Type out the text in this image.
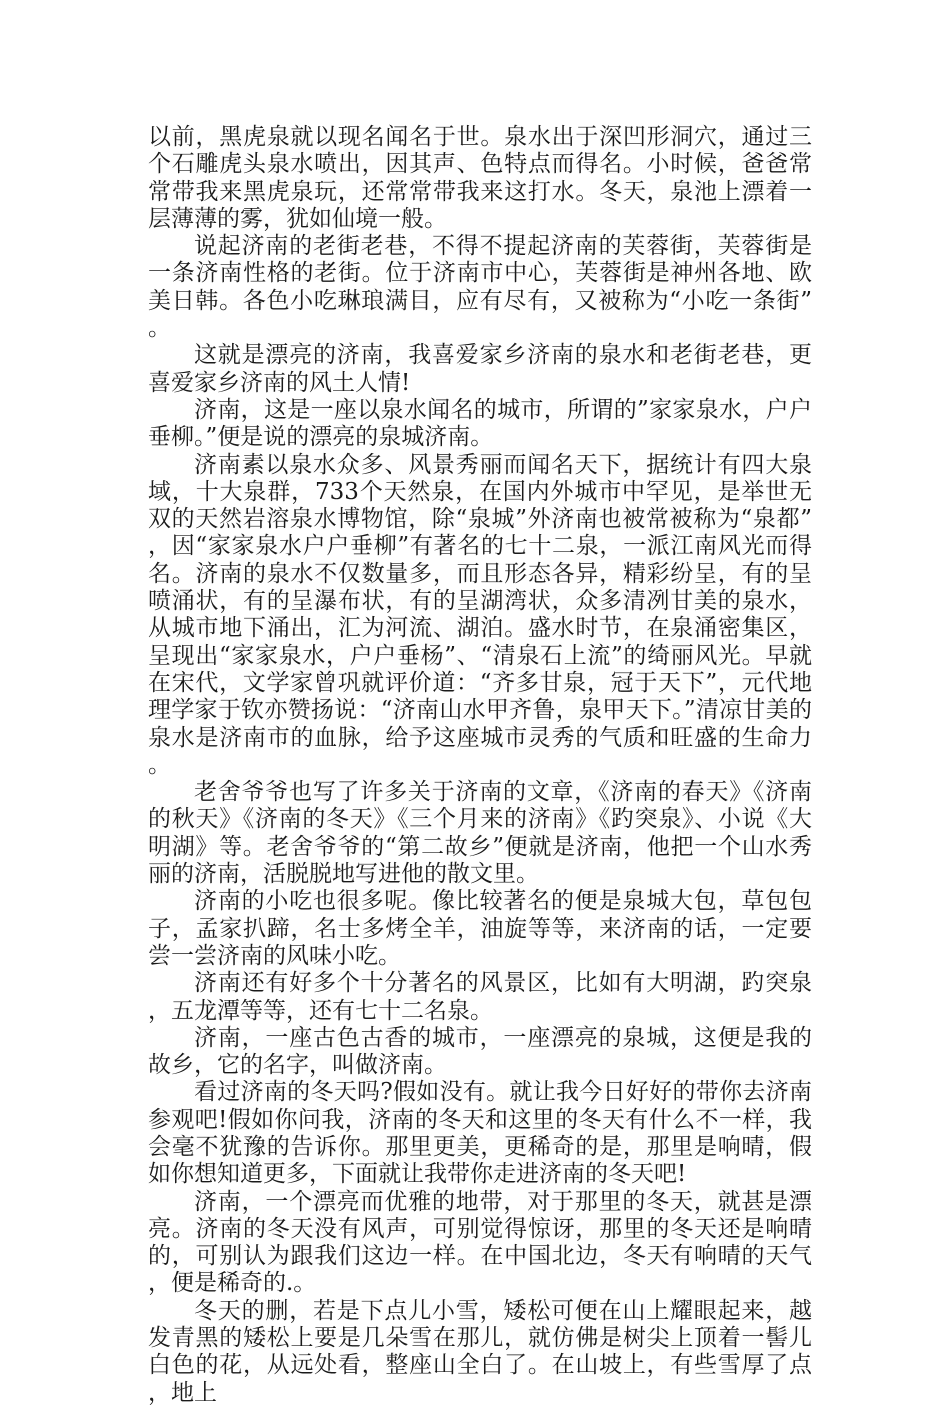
以前，黑虎泉就以现名闻名于世。泉水出于深凹形洞穴，通过三个石雕虎头泉水喷出，因其声、色特点而得名。小时候，爸爸常常带我来黑虎泉玩，还常常带我来这打水。冬天，泉池上漂着一层薄薄的雾，犹如仙境一般。

说起济南的老街老巷，不得不提起济南的芙蓉街，芙蓉街是一条济南性格的老街。位于济南市中心，芙蓉街是神州各地、欧美日韩。各色小吃琳琅满目，应有尽有，又被称为“小吃一条街”。

这就是漂亮的济南，我喜爱家乡济南的泉水和老街老巷，更喜爱家乡济南的风土人情!

济南，这是一座以泉水闻名的城市，所谓的”家家泉水，户户垂柳。”便是说的漂亮的泉城济南。

济南素以泉水众多、风景秀丽而闻名天下，据统计有四大泉域，十大泉群，733个天然泉，在国内外城市中罕见，是举世无双的天然岩溶泉水博物馆，除“泉城”外济南也被常被称为“泉都”，因“家家泉水户户垂柳”有著名的七十二泉，一派江南风光而得名。济南的泉水不仅数量多，而且形态各异，精彩纷呈，有的呈喷涌状，有的呈瀑布状，有的呈湖湾状，众多清冽甘美的泉水，从城市地下涌出，汇为河流、湖泊。盛水时节，在泉涌密集区，呈现出“家家泉水，户户垂杨”、“清泉石上流”的绮丽风光。早就在宋代，文学家曾巩就评价道：“齐多甘泉，冠于天下”，元代地理学家于钦亦赞扬说：“济南山水甲齐鲁，泉甲天下。”清凉甘美的泉水是济南市的血脉，给予这座城市灵秀的气质和旺盛的生命力。

老舍爷爷也写了许多关于济南的文章，《济南的春天》《济南的秋天》《济南的冬天》《三个月来的济南》《趵突泉》、小说《大明湖》等。老舍爷爷的“第二故乡”便就是济南，他把一个山水秀丽的济南，活脱脱地写进他的散文里。

济南的小吃也很多呢。像比较著名的便是泉城大包，草包包子，孟家扒蹄，名士多烤全羊，油旋等等，来济南的话，一定要尝一尝济南的风味小吃。

济南还有好多个十分著名的风景区，比如有大明湖，趵突泉，五龙潭等等，还有七十二名泉。

济南，一座古色古香的城市，一座漂亮的泉城，这便是我的故乡，它的名字，叫做济南。

看过济南的冬天吗?假如没有。就让我今日好好的带你去济南参观吧!假如你问我，济南的冬天和这里的冬天有什么不一样，我会毫不犹豫的告诉你。那里更美，更稀奇的是，那里是响晴，假如你想知道更多，下面就让我带你走进济南的冬天吧!

济南，一个漂亮而优雅的地带，对于那里的冬天，就甚是漂亮。济南的冬天没有风声，可别觉得惊讶，那里的冬天还是响晴的，可别认为跟我们这边一样。在中国北边，冬天有响晴的天气，便是稀奇的.。

冬天的删，若是下点儿小雪，矮松可便在山上耀眼起来，越发青黑的矮松上要是几朵雪在那儿，就仿佛是树尖上顶着一髻儿白色的花，从远处看，整座山全白了。在山坡上，有些雪厚了点，地上
